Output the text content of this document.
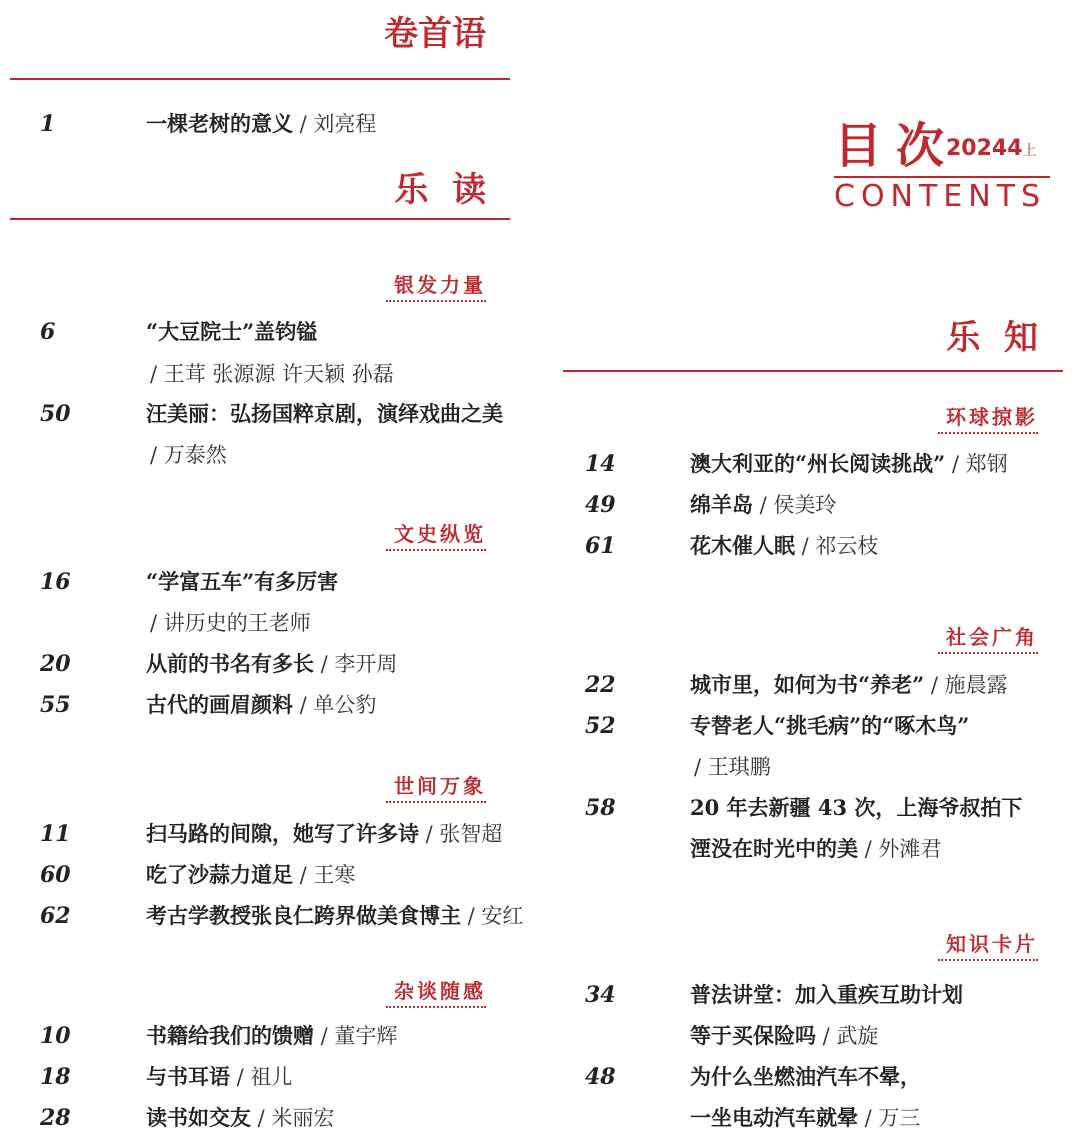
卷首语
1	一棵老树的意义 / 刘亮程
乐  读
银发力量
6	“大豆院士”盖钧镒
/ 王茸 张源源 许天颖 孙磊
50	汪美丽：弘扬国粹京剧，演绎戏曲之美
/ 万泰然
文史纵览
16	“学富五车”有多厉害
/ 讲历史的王老师
20	从前的书名有多长 / 李开周
55	古代的画眉颜料 / 单公豹
世间万象
11	扫马路的间隙，她写了许多诗 / 张智超
60	吃了沙蒜力道足 / 王寒
62	考古学教授张良仁跨界做美食博主 / 安红
杂谈随感
10	书籍给我们的馈赠 / 董宇辉
18	与书耳语 / 祖儿
28	读书如交友 / 米丽宏
目次
20244上
CONTENTS
乐  知
环球掠影
14	澳大利亚的“州长阅读挑战” / 郑钢
49	绵羊岛 / 侯美玲
61	花木催人眠 / 祁云枝
社会广角
22	城市里，如何为书“养老” / 施晨露
52	专替老人“挑毛病”的“啄木鸟”
/ 王琪鹏
58	20 年去新疆 43 次，上海爷叔拍下
湮没在时光中的美 / 外滩君
知识卡片
34	普法讲堂：加入重疾互助计划
等于买保险吗 / 武旋
48	为什么坐燃油汽车不晕，
一坐电动汽车就晕 / 万三
